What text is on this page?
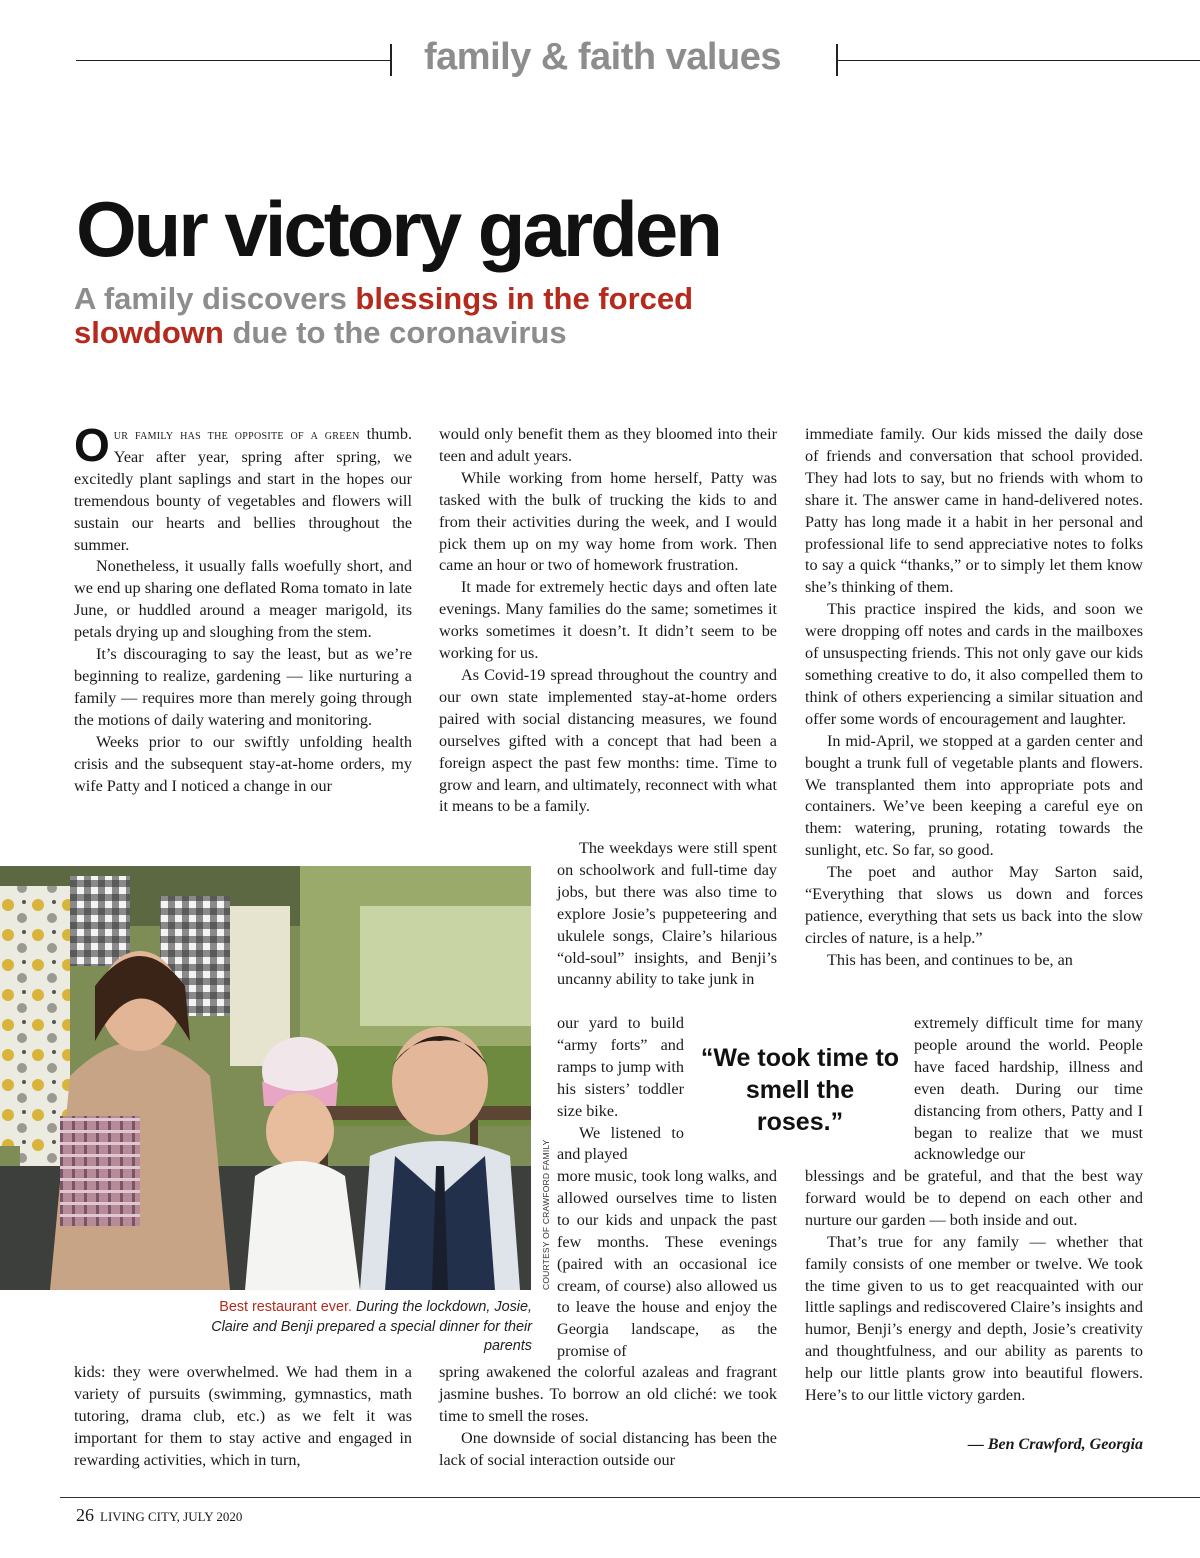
family & faith values
Our victory garden
A family discovers blessings in the forced slowdown due to the coronavirus

Our family has the opposite of a green thumb. Year after year, spring after spring, we excitedly plant saplings and start in the hopes our tremendous bounty of vegetables and flowers will sustain our hearts and bellies throughout the summer.

Nonetheless, it usually falls woefully short, and we end up sharing one deflated Roma tomato in late June, or huddled around a meager marigold, its petals drying up and sloughing from the stem.

It’s discouraging to say the least, but as we’re beginning to realize, gardening — like nurturing a family — requires more than merely going through the motions of daily watering and monitoring.

Weeks prior to our swiftly unfolding health crisis and the subsequent stay-at-home orders, my wife Patty and I noticed a change in our

kids: they were overwhelmed. We had them in a variety of pursuits (swimming, gymnastics, math tutoring, drama club, etc.) as we felt it was important for them to stay active and engaged in rewarding activities, which in turn,

would only benefit them as they bloomed into their teen and adult years.

While working from home herself, Patty was tasked with the bulk of trucking the kids to and from their activities during the week, and I would pick them up on my way home from work. Then came an hour or two of homework frustration.

It made for extremely hectic days and often late evenings. Many families do the same; sometimes it works sometimes it doesn’t. It didn’t seem to be working for us.

As Covid-19 spread throughout the country and our own state implemented stay-at-home orders paired with social distancing measures, we found ourselves gifted with a concept that had been a foreign aspect the past few months: time. Time to grow and learn, and ultimately, reconnect with what it means to be a family.

The weekdays were still spent on schoolwork and full-time day jobs, but there was also time to explore Josie’s puppeteering and ukulele songs, Claire’s hilarious “old-soul” insights, and Benji’s uncanny ability to take junk in

our yard to build “army forts” and ramps to jump with his sisters’ toddler size bike.

We listened to and played

more music, took long walks, and allowed ourselves time to listen to our kids and unpack the past few months. These evenings (paired with an occasional ice cream, of course) also allowed us to leave the house and enjoy the Georgia landscape, as the promise of

spring awakened the colorful azaleas and fragrant jasmine bushes. To borrow an old cliché: we took time to smell the roses.

One downside of social distancing has been the lack of social interaction outside our

immediate family. Our kids missed the daily dose of friends and conversation that school provided. They had lots to say, but no friends with whom to share it. The answer came in hand-delivered notes. Patty has long made it a habit in her personal and professional life to send appreciative notes to folks to say a quick “thanks,” or to simply let them know she’s thinking of them.

This practice inspired the kids, and soon we were dropping off notes and cards in the mailboxes of unsuspecting friends. This not only gave our kids something creative to do, it also compelled them to think of others experiencing a similar situation and offer some words of encouragement and laughter.

In mid-April, we stopped at a garden center and bought a trunk full of vegetable plants and flowers. We transplanted them into appropriate pots and containers. We’ve been keeping a careful eye on them: watering, pruning, rotating towards the sunlight, etc. So far, so good.

The poet and author May Sarton said, “Everything that slows us down and forces patience, everything that sets us back into the slow circles of nature, is a help.”

This has been, and continues to be, an

extremely difficult time for many people around the world. People have faced hardship, illness and even death. During our time distancing from others, Patty and I began to realize that we must acknowledge our

blessings and be grateful, and that the best way forward would be to depend on each other and nurture our garden — both inside and out.

That’s true for any family — whether that family consists of one member or twelve. We took the time given to us to get reacquainted with our little saplings and rediscovered Claire’s insights and humor, Benji’s energy and depth, Josie’s creativity and thoughtfulness, and our ability as parents to help our little plants grow into beautiful flowers. Here’s to our little victory garden.

“We took time to smell the roses.”
COURTESY OF CRAWFORD FAMILY
Best restaurant ever. During the lockdown, Josie, Claire and Benji prepared a special dinner for their parents
— Ben Crawford, Georgia
26 LIVING CITY, JULY 2020
